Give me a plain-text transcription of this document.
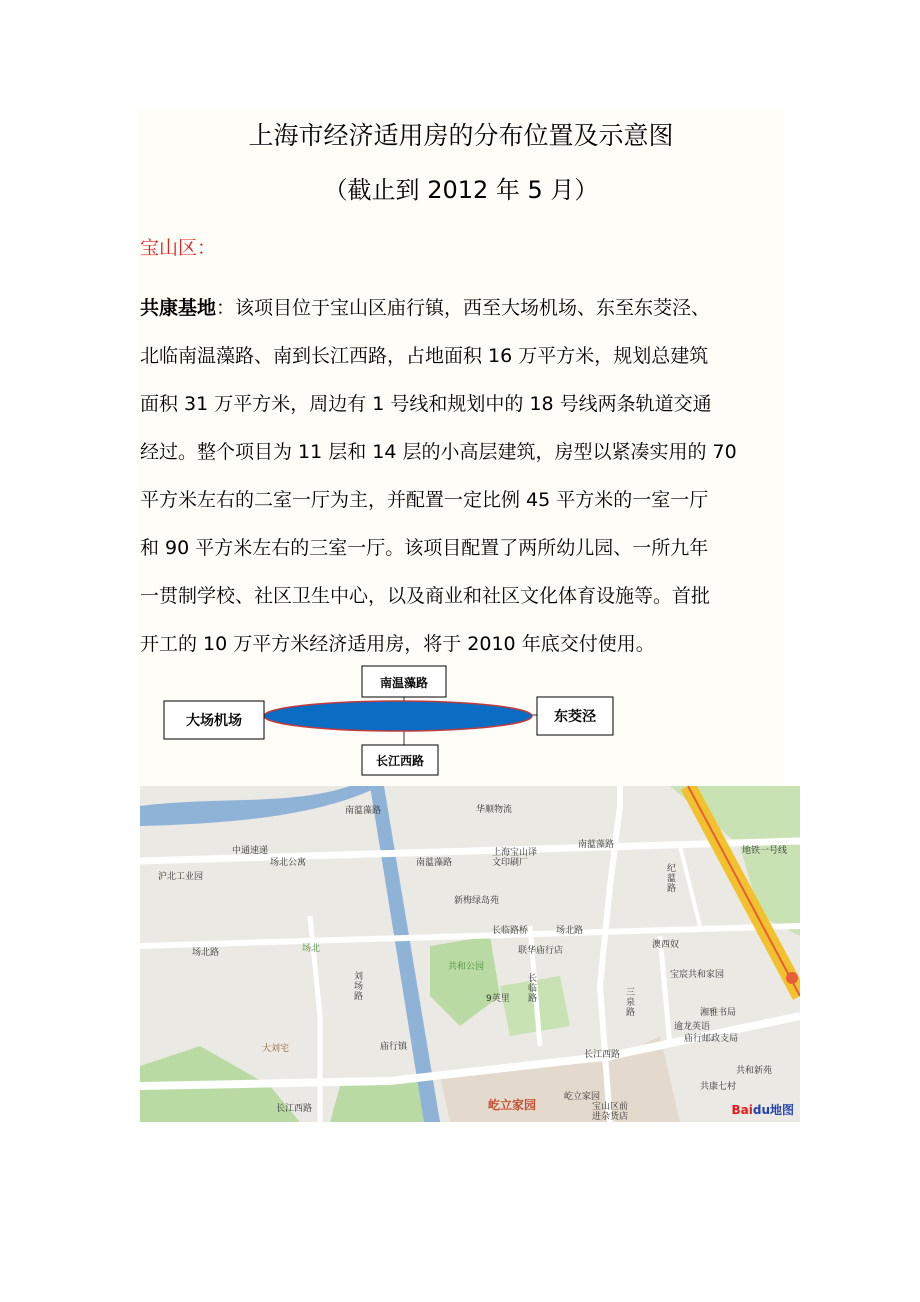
上海市经济适用房的分布位置及示意图
（截止到 2012 年 5 月）
宝山区：
共康基地：该项目位于宝山区庙行镇，西至大场机场、东至东茭泾、
北临南温藻路、南到长江西路，占地面积 16 万平方米，规划总建筑
面积 31 万平方米，周边有 1 号线和规划中的 18 号线两条轨道交通
经过。整个项目为 11 层和 14 层的小高层建筑，房型以紧凑实用的 70
平方米左右的二室一厅为主，并配置一定比例 45 平方米的一室一厅
和 90 平方米左右的三室一厅。该项目配置了两所幼儿园、一所九年
一贯制学校、社区卫生中心，以及商业和社区文化体育设施等。首批
开工的 10 万平方米经济适用房，将于 2010 年底交付使用。
南温藻路
大场机场	东茭泾
长江西路
南蕰藻路	华顺物流
中通速递
场北公寓	南蕰藻路
上海宝山译
文印刷厂
南蕰藻路
沪北工业园
纪蕰路
新梅绿岛苑
长临路桥	场北路
场北路	场北	联华庙行店
澳西奴
刘场路
共和公园
长临路
宝宸共和家园
三泉路
9英里
湘雅书局
逾龙英语
庙行邮政支局
大刘宅	庙行镇
长江西路
共和新苑
共康七村
屹立家园
屹立家园	宝山区前
进杂货店
长江西路
地铁一号线
Baidu地图
